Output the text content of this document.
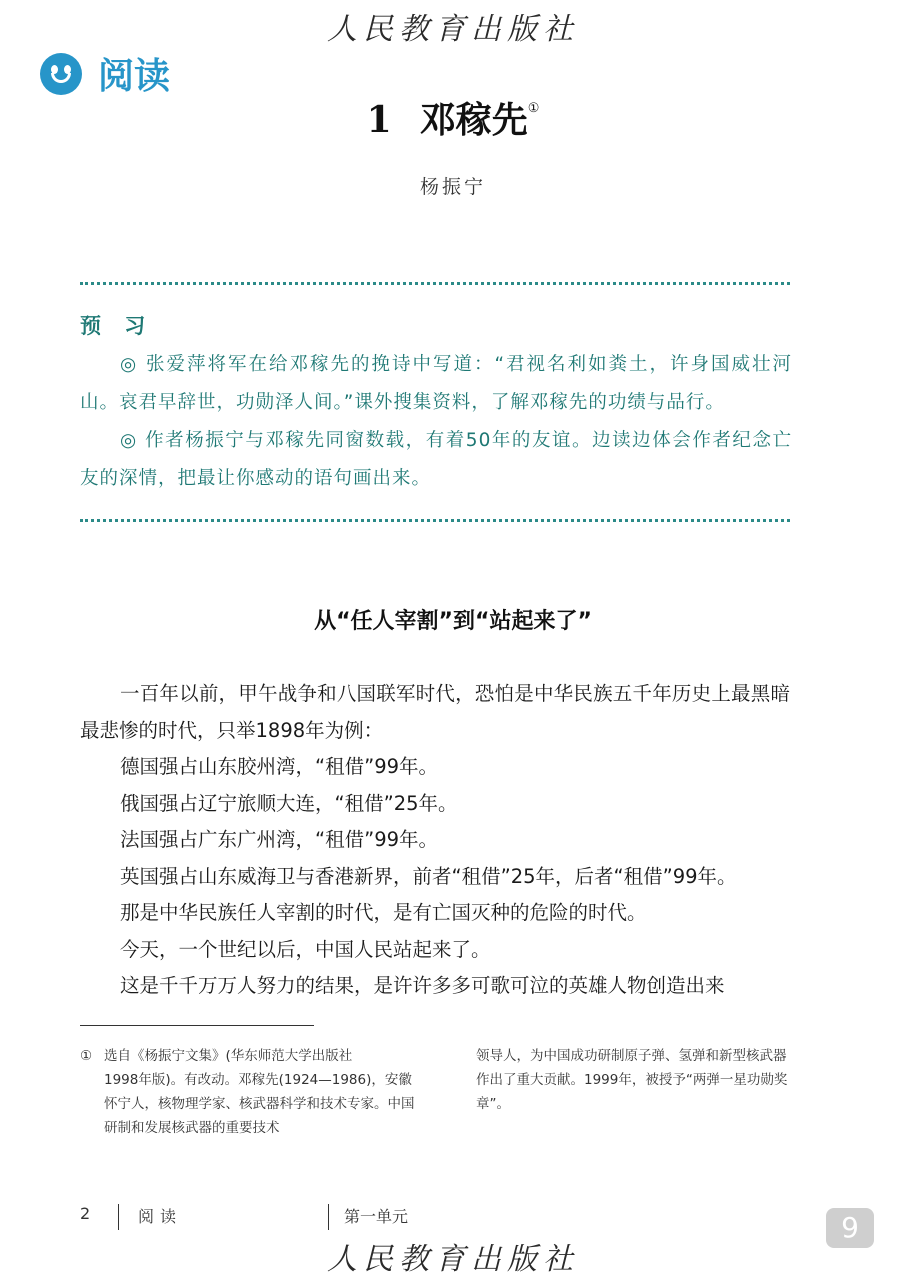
人民教育出版社
阅读
1 邓稼先①
杨振宁
预 习

◎ 张爱萍将军在给邓稼先的挽诗中写道：“君视名利如粪土，许身国威壮河山。哀君早辞世，功勋泽人间。”课外搜集资料，了解邓稼先的功绩与品行。

◎ 作者杨振宁与邓稼先同窗数载，有着50年的友谊。边读边体会作者纪念亡友的深情，把最让你感动的语句画出来。

从“任人宰割”到“站起来了”

一百年以前，甲午战争和八国联军时代，恐怕是中华民族五千年历史上最黑暗最悲惨的时代，只举1898年为例：

德国强占山东胶州湾，“租借”99年。

俄国强占辽宁旅顺大连，“租借”25年。

法国强占广东广州湾，“租借”99年。

英国强占山东威海卫与香港新界，前者“租借”25年，后者“租借”99年。

那是中华民族任人宰割的时代，是有亡国灭种的危险的时代。

今天，一个世纪以后，中国人民站起来了。

这是千千万万人努力的结果，是许许多多可歌可泣的英雄人物创造出来

① 选自《杨振宁文集》(华东师范大学出版社
1998年版)。有改动。邓稼先(1924—1986)，安徽怀宁人，核物理学家、核武器科学和技术专家。中国研制和发展核武器的重要技术
领导人，为中国成功研制原子弹、氢弹和新型核武器作出了重大贡献。1999年，被授予“两弹一星功勋奖章”。
2	阅读	第一单元	9
人民教育出版社
